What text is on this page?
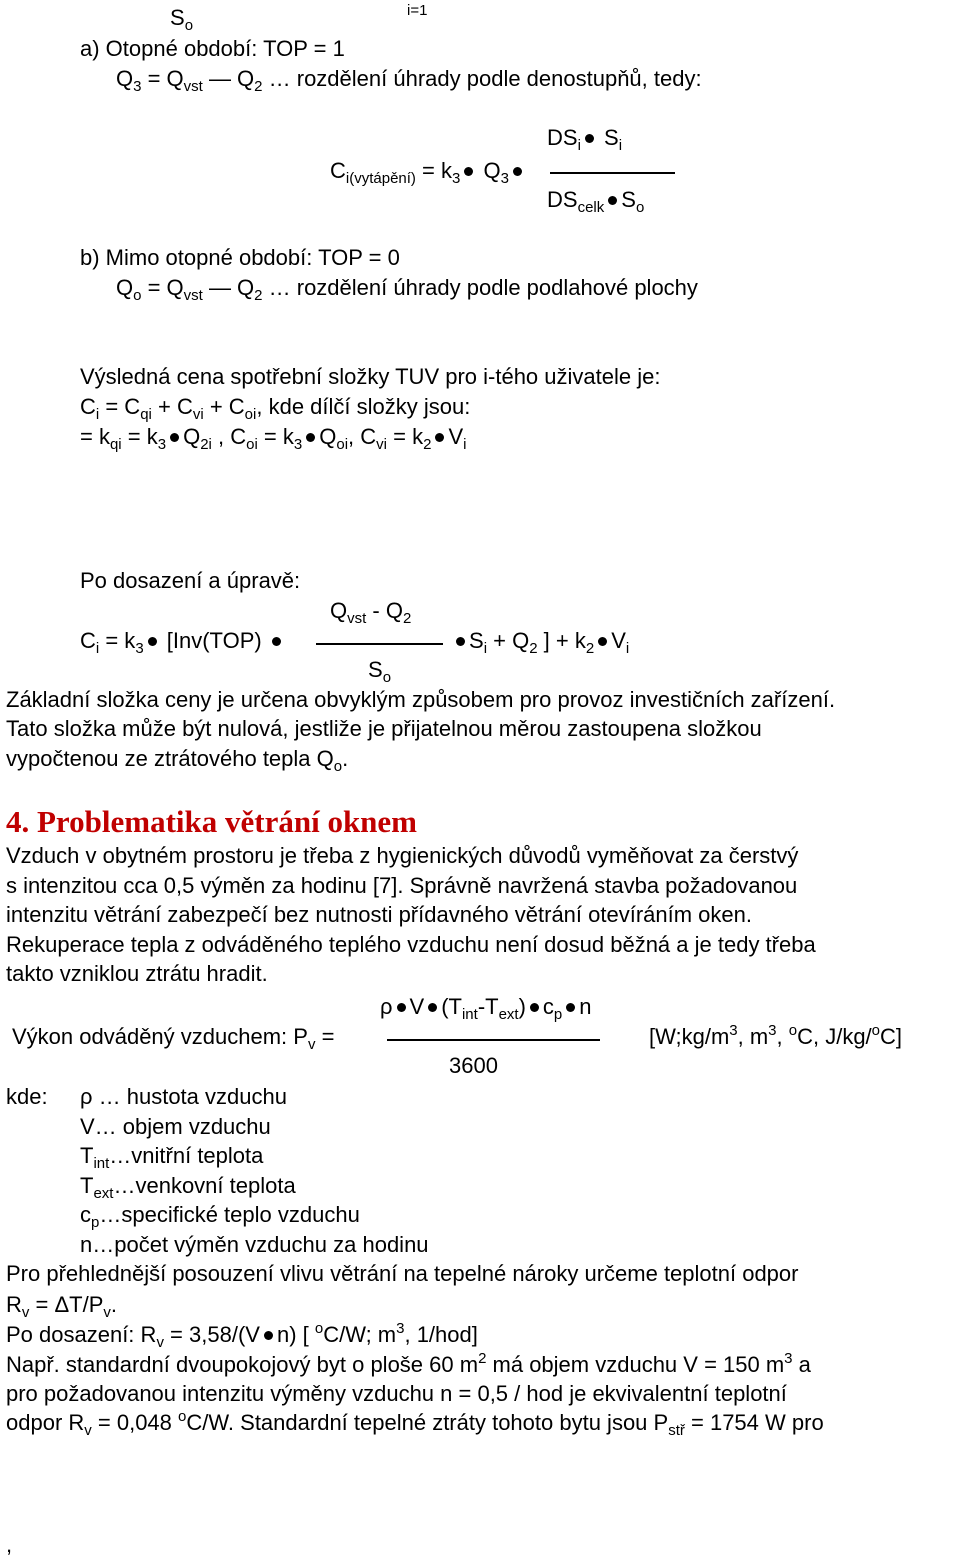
$S_o$
i=1
a) Otopné období: TOP = 1
$Q_3 = Q_{vst}$ — $Q_2$ … rozdělení úhrady podle denostupňů, tedy:
$DS_i$ $S_i$
$C_{i(vytápění)} = k_3$ $Q_3$
$DS_{celk}$ $S_o$
b) Mimo otopné období: TOP = 0
$Q_o = Q_{vst}$ — $Q_2$ … rozdělení úhrady podle podlahové plochy
Výsledná cena spotřební složky TUV pro i-tého uživatele je:
$C_i = C_{qi} + C_{vi} + C_{oi}$, kde dílčí složky jsou:
= $k_{qi} = k_3$ $Q_{2i}$ , $C_{oi} = k_3$ $Q_{oi}$, $C_{vi} = k_2$ $V_i$
Po dosazení a úpravě:
$Q_{vst} - Q_2$
$C_i = k_3$ [Inv(TOP)	$S_i + Q_2$ ] + $k_2$ $V_i$
$S_o$
Základní složka ceny je určena obvyklým způsobem pro provoz investičních zařízení.
Tato složka může být nulová, jestliže je přijatelnou měrou zastoupena složkou
vypočtenou ze ztrátového tepla $Q_o$.
4. Problematika větrání oknem
Vzduch v obytném prostoru je třeba z hygienických důvodů vyměňovat za čerstvý
s intenzitou cca 0,5 výměn za hodinu [7]. Správně navržená stavba požadovanou
intenzitu větrání zabezpečí bez nutnosti přídavného větrání otevíráním oken.
Rekuperace tepla z odváděného teplého vzduchu není dosud běžná a je tedy třeba
takto vzniklou ztrátu hradit.
ρ V $(T_{int}-T_{ext})$ $c_p$ n
Výkon odváděný vzduchem: $P_v$ =	[$W;kg/m^3$, $m^3$, $^o$C, J/kg/$^o$C]
3600
kde: ρ … hustota vzduchu
V… objem vzduchu
$T_{int}\dots vnitřní$ teplota
$T_{ext}\dots venkovní$ teplota
$c_p\dots specifické$ teplo vzduchu
n…počet výměn vzduchu za hodinu
Pro přehlednější posouzení vlivu větrání na tepelné nároky určeme teplotní odpor
$R_v = \Delta T/P_v$.
Po dosazení: $R_v = 3,58/(V$ n) [ $^o$C/W; $m^3$, 1/hod]
Např. standardní dvoupokojový byt o ploše 60 $m^2$ má objem vzduchu V = 150 $m^3$ a
pro požadovanou intenzitu výměny vzduchu n = 0,5 / hod je ekvivalentní teplotní
odpor $R_v = 0,048$ $^o$C/W. Standardní tepelné ztráty tohoto bytu jsou $P_{stř} = 1754$ W pro
,
